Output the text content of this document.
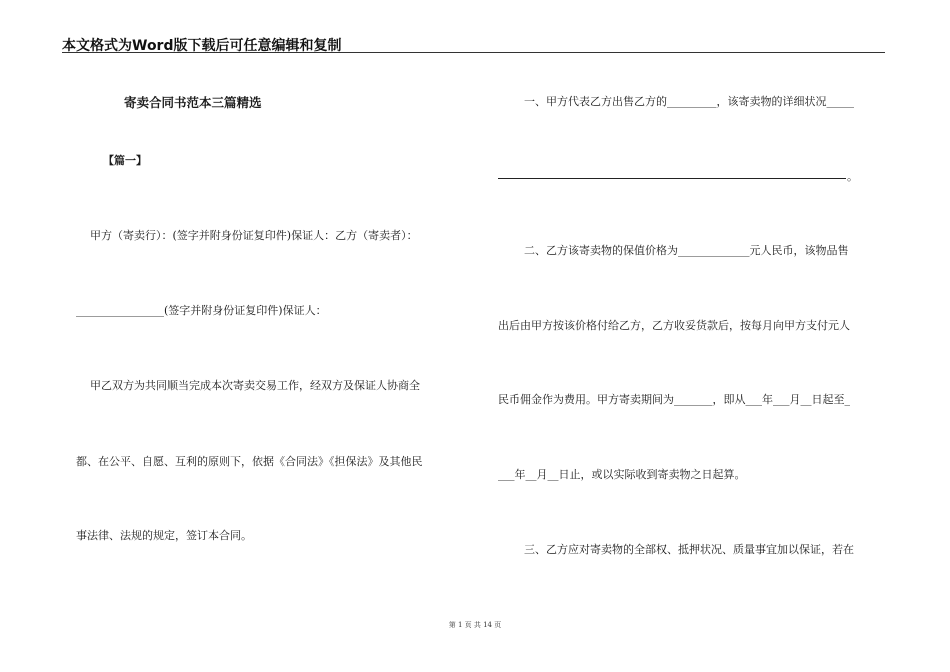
本文格式为Word版下载后可任意编辑和复制
寄卖合同书范本三篇精选
【篇一】
甲方（寄卖行）：(签字并附身份证复印件)保证人：乙方（寄卖者）：
________________(签字并附身份证复印件)保证人：
甲乙双方为共同顺当完成本次寄卖交易工作，经双方及保证人协商全
都、在公平、自愿、互利的原则下，依据《合同法》《担保法》及其他民
事法律、法规的规定，签订本合同。
一、甲方代表乙方出售乙方的_________，该寄卖物的详细状况_____
。
二、乙方该寄卖物的保值价格为_____________元人民币，该物品售
出后由甲方按该价格付给乙方，乙方收妥货款后，按每月向甲方支付元人
民币佣金作为费用。甲方寄卖期间为_______，即从___年___月__日起至_
___年__月__日止，或以实际收到寄卖物之日起算。
三、乙方应对寄卖物的全部权、抵押状况、质量事宜加以保证，若在
第 1 页 共 14 页
